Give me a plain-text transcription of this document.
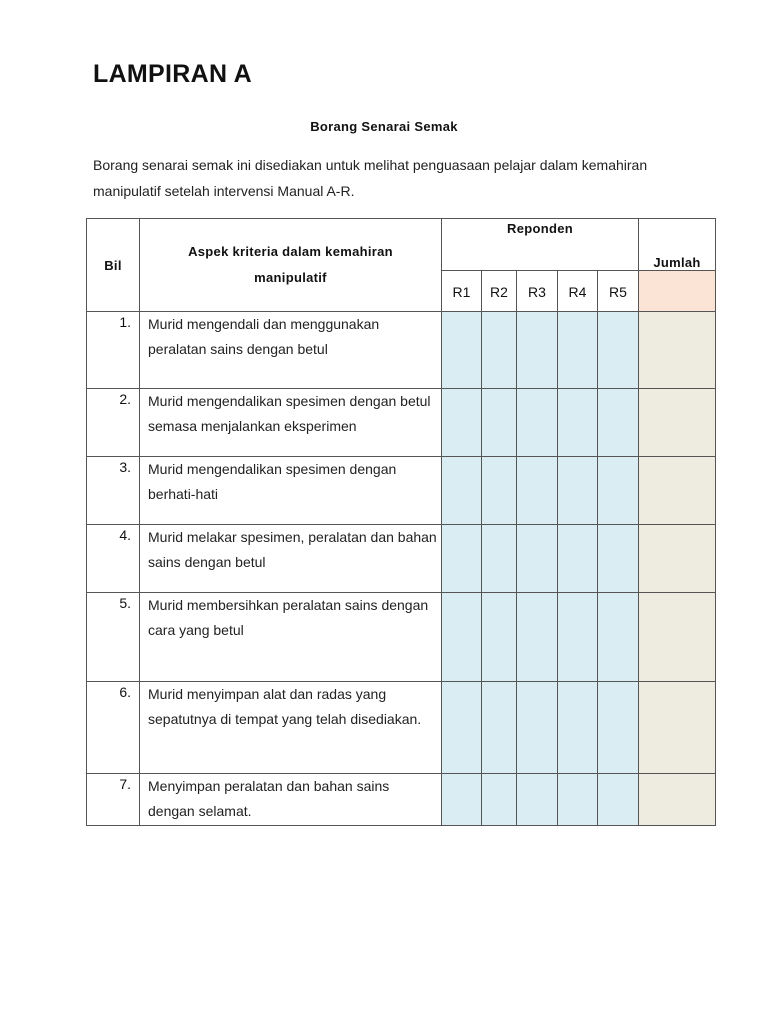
LAMPIRAN A
Borang Senarai Semak
Borang senarai semak ini disediakan untuk melihat penguasaan pelajar dalam kemahiran manipulatif setelah intervensi Manual A-R.
Bil	Aspek kriteria dalam kemahiran manipulatif	Reponden					Jumlah

		R1	R2	R3	R4	R5	
1.	Murid mengendali dan menggunakan peralatan sains dengan betul						
2.	Murid mengendalikan spesimen dengan betul semasa menjalankan eksperimen						
3.	Murid mengendalikan spesimen dengan berhati-hati						
4.	Murid melakar spesimen, peralatan dan bahan sains dengan betul						
5.	Murid membersihkan peralatan sains dengan cara yang betul						
6.	Murid menyimpan alat dan radas yang sepatutnya di tempat yang telah disediakan.						
7.	Menyimpan peralatan dan bahan sains dengan selamat.						
